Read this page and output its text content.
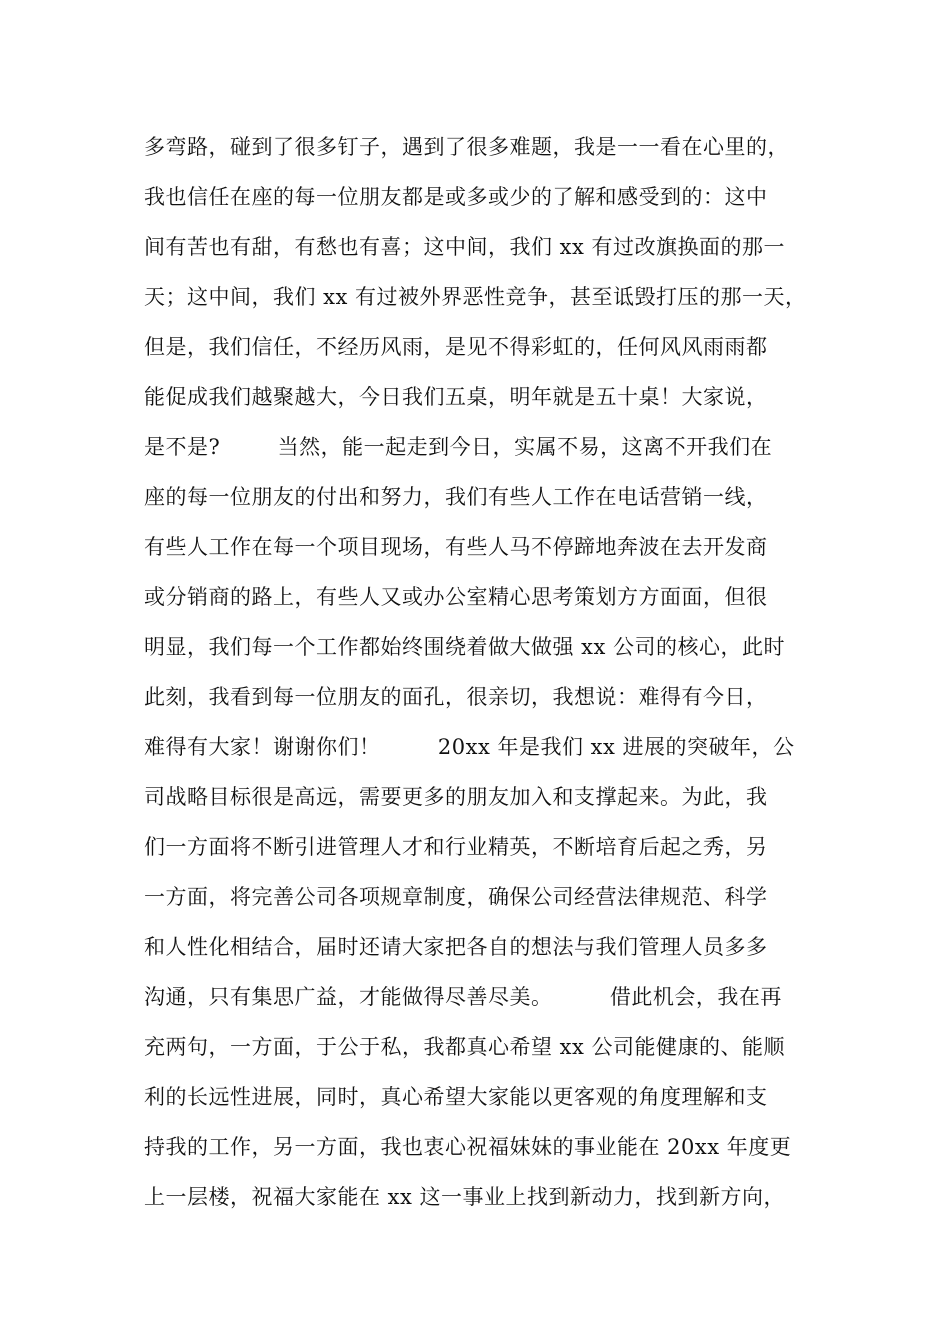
多弯路，碰到了很多钉子，遇到了很多难题，我是一一看在心里的，
我也信任在座的每一位朋友都是或多或少的了解和感受到的：这中
间有苦也有甜，有愁也有喜；这中间，我们 xx 有过改旗换面的那一
天；这中间，我们 xx 有过被外界恶性竞争，甚至诋毁打压的那一天，
但是，我们信任，不经历风雨，是见不得彩虹的，任何风风雨雨都
能促成我们越聚越大，今日我们五桌，明年就是五十桌！大家说，
是不是?        当然，能一起走到今日，实属不易，这离不开我们在
座的每一位朋友的付出和努力，我们有些人工作在电话营销一线，
有些人工作在每一个项目现场，有些人马不停蹄地奔波在去开发商
或分销商的路上，有些人又或办公室精心思考策划方方面面，但很
明显，我们每一个工作都始终围绕着做大做强 xx 公司的核心，此时
此刻，我看到每一位朋友的面孔，很亲切，我想说：难得有今日，
难得有大家！谢谢你们！        20xx 年是我们 xx 进展的突破年，公
司战略目标很是高远，需要更多的朋友加入和支撑起来。为此，我
们一方面将不断引进管理人才和行业精英，不断培育后起之秀，另
一方面，将完善公司各项规章制度，确保公司经营法律规范、科学
和人性化相结合，届时还请大家把各自的想法与我们管理人员多多
沟通，只有集思广益，才能做得尽善尽美。        借此机会，我在再
充两句，一方面，于公于私，我都真心希望 xx 公司能健康的、能顺
利的长远性进展，同时，真心希望大家能以更客观的角度理解和支
持我的工作，另一方面，我也衷心祝福妹妹的事业能在 20xx 年度更
上一层楼，祝福大家能在 xx 这一事业上找到新动力，找到新方向，
